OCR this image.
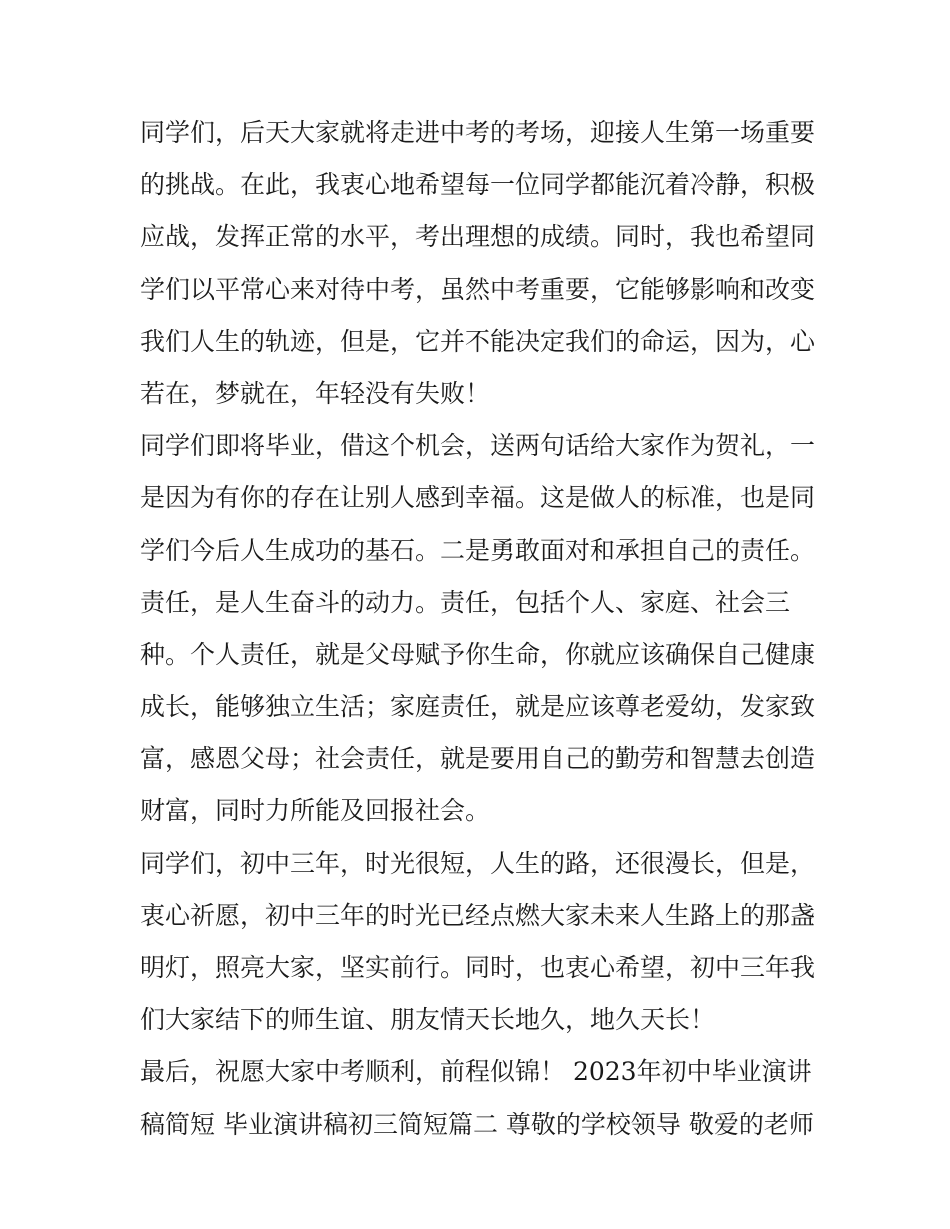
同学们，后天大家就将走进中考的考场，迎接人生第一场重要
的挑战。在此，我衷心地希望每一位同学都能沉着冷静，积极
应战，发挥正常的水平，考出理想的成绩。同时，我也希望同
学们以平常心来对待中考，虽然中考重要，它能够影响和改变
我们人生的轨迹，但是，它并不能决定我们的命运，因为，心
若在，梦就在，年轻没有失败！
同学们即将毕业，借这个机会，送两句话给大家作为贺礼，一
是因为有你的存在让别人感到幸福。这是做人的标准，也是同
学们今后人生成功的基石。二是勇敢面对和承担自己的责任。
责任，是人生奋斗的动力。责任，包括个人、家庭、社会三
种。个人责任，就是父母赋予你生命，你就应该确保自己健康
成长，能够独立生活；家庭责任，就是应该尊老爱幼，发家致
富，感恩父母；社会责任，就是要用自己的勤劳和智慧去创造
财富，同时力所能及回报社会。
同学们，初中三年，时光很短，人生的路，还很漫长，但是，
衷心祈愿，初中三年的时光已经点燃大家未来人生路上的那盏
明灯，照亮大家，坚实前行。同时，也衷心希望，初中三年我
们大家结下的师生谊、朋友情天长地久，地久天长！
最后，祝愿大家中考顺利，前程似锦！ 2023年初中毕业演讲
稿简短 毕业演讲稿初三简短篇二 尊敬的学校领导 敬爱的老师
